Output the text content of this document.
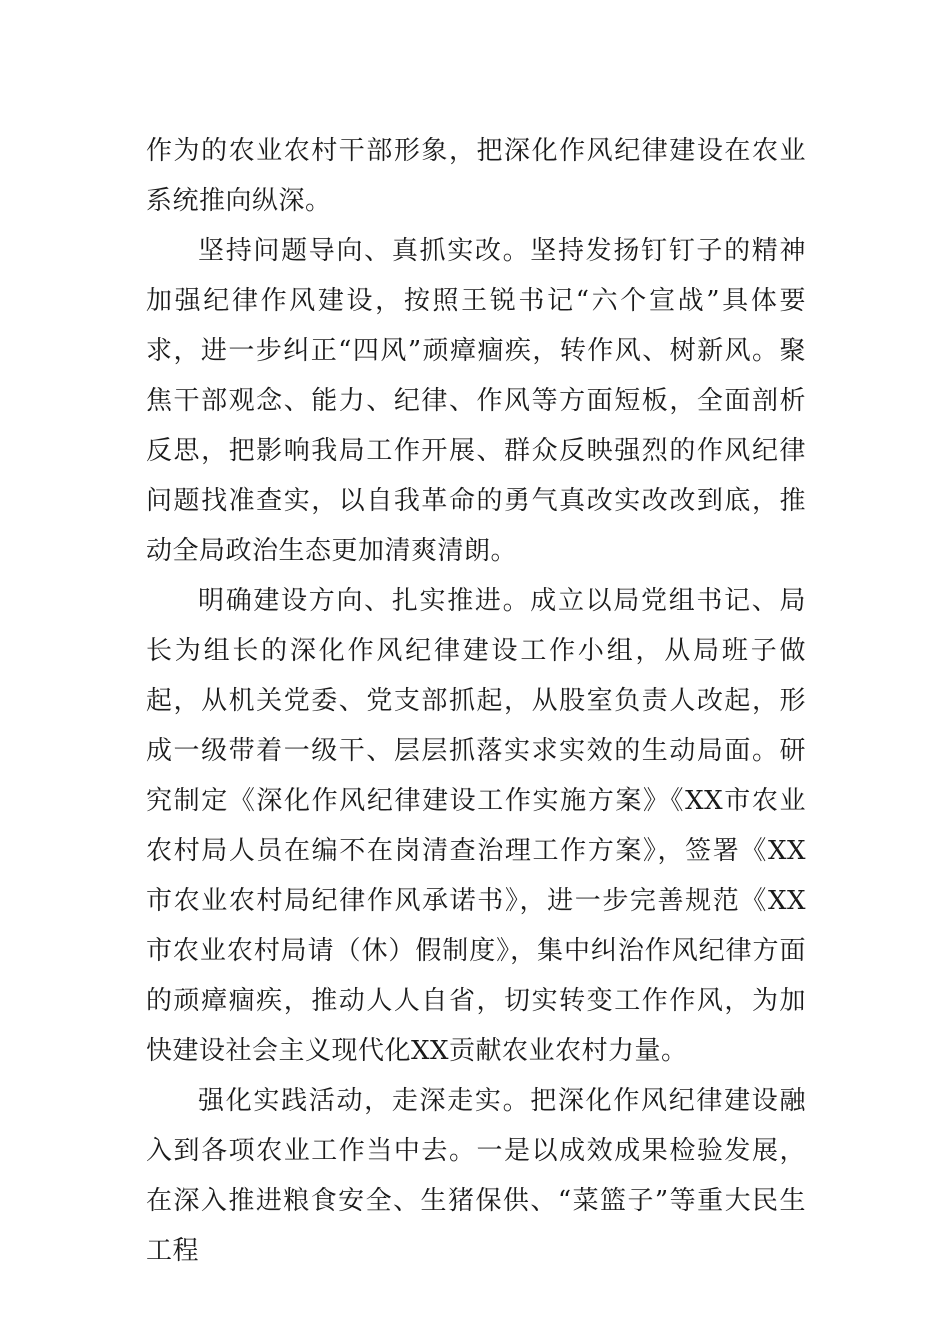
作为的农业农村干部形象，把深化作风纪律建设在农业系统推向纵深。

坚持问题导向、真抓实改。坚持发扬钉钉子的精神加强纪律作风建设，按照王锐书记“六个宣战”具体要求，进一步纠正“四风”顽瘴痼疾，转作风、树新风。聚焦干部观念、能力、纪律、作风等方面短板，全面剖析反思，把影响我局工作开展、群众反映强烈的作风纪律问题找准查实，以自我革命的勇气真改实改改到底，推动全局政治生态更加清爽清朗。

明确建设方向、扎实推进。成立以局党组书记、局长为组长的深化作风纪律建设工作小组，从局班子做起，从机关党委、党支部抓起，从股室负责人改起，形成一级带着一级干、层层抓落实求实效的生动局面。研究制定《深化作风纪律建设工作实施方案》《XX市农业农村局人员在编不在岗清查治理工作方案》，签署《XX市农业农村局纪律作风承诺书》，进一步完善规范《XX市农业农村局请（休）假制度》，集中纠治作风纪律方面的顽瘴痼疾，推动人人自省，切实转变工作作风，为加快建设社会主义现代化XX贡献农业农村力量。

强化实践活动，走深走实。把深化作风纪律建设融入到各项农业工作当中去。一是以成效成果检验发展，在深入推进粮食安全、生猪保供、“菜篮子”等重大民生工程
